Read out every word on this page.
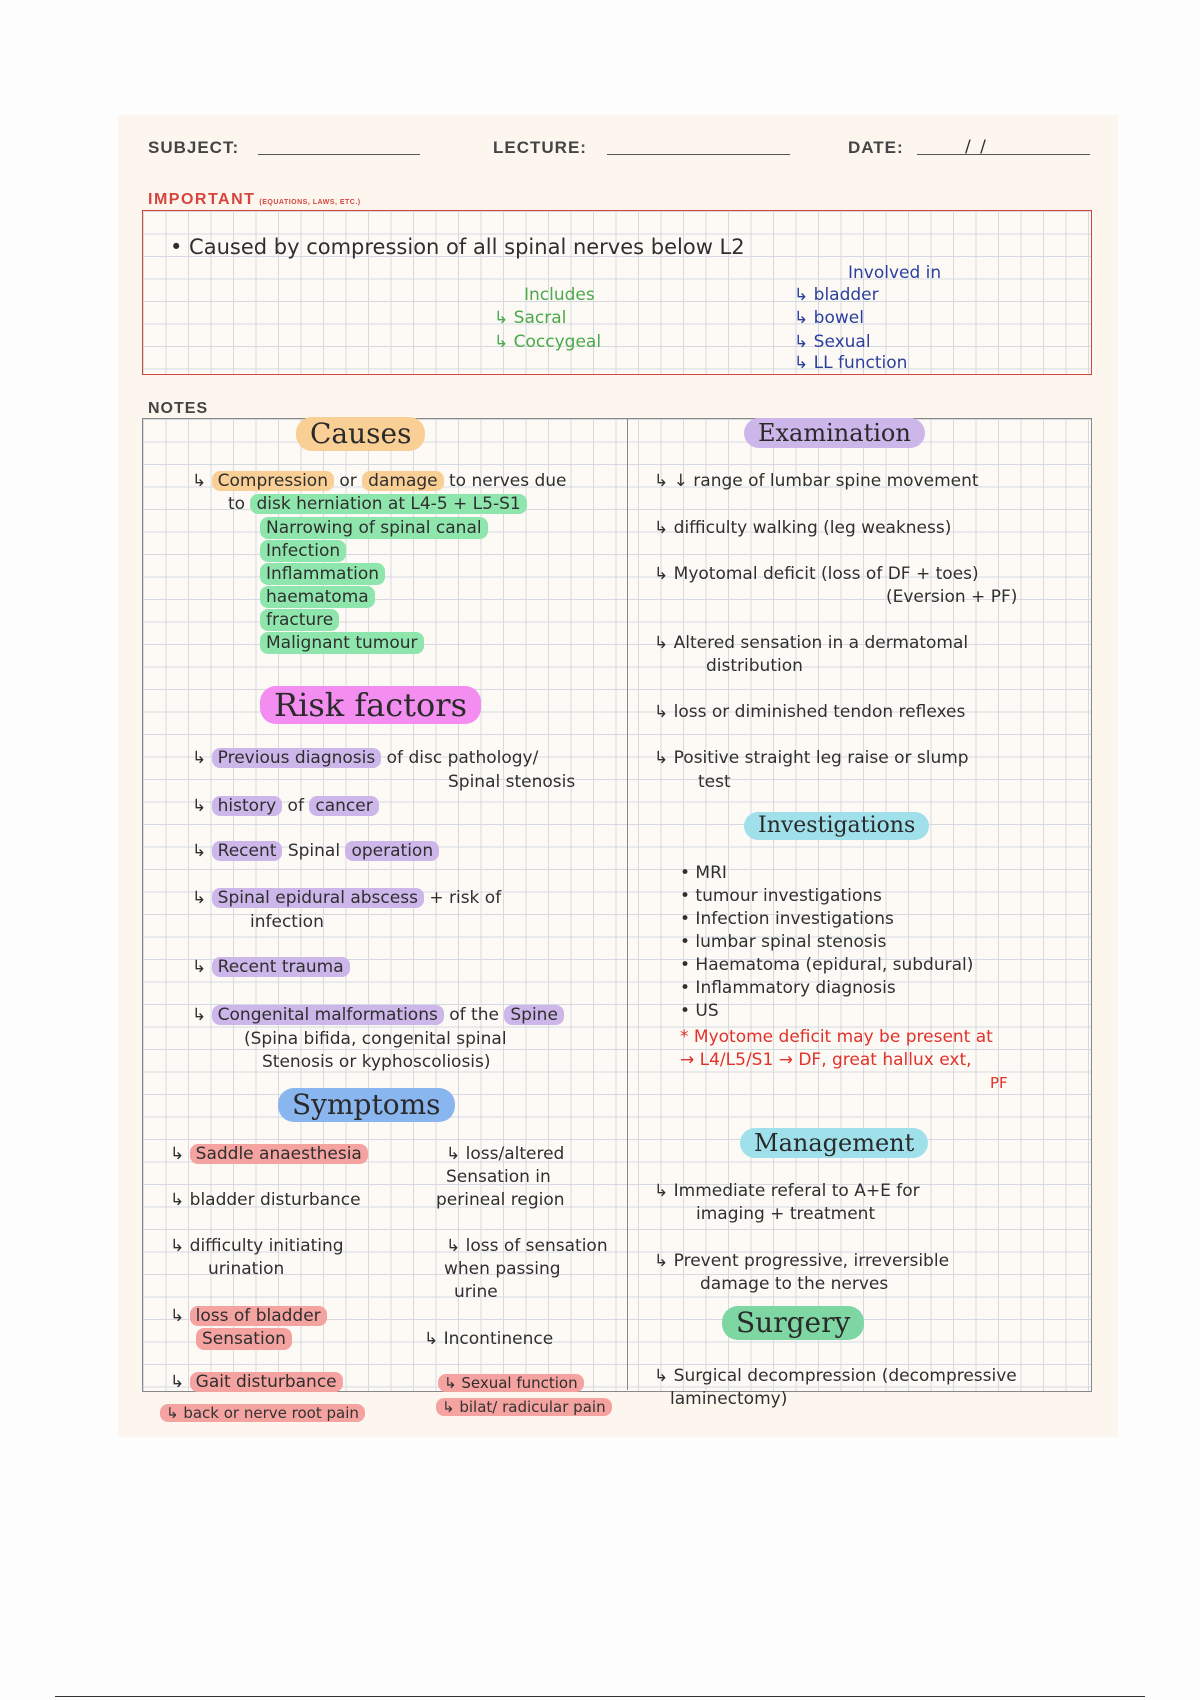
SUBJECT:	LECTURE:	DATE:	/ /
IMPORTANT (EQUATIONS, LAWS, ETC.)
• Caused by compression of all spinal nerves below L2
Includes
↳ Sacral
↳ Coccygeal
Involved in
↳ bladder
↳ bowel
↳ Sexual
↳ LL function
NOTES
Causes
↳ Compression or damage to nerves due
to disk herniation at L4-5 + L5-S1
Narrowing of spinal canal
Infection
Inflammation
haematoma
fracture
Malignant tumour
Risk factors
↳ Previous diagnosis of disc pathology/
Spinal stenosis
↳ history of cancer
↳ Recent Spinal operation
↳ Spinal epidural abscess + risk of
infection
↳ Recent trauma
↳ Congenital malformations of the Spine
(Spina bifida, congenital spinal
Stenosis or kyphoscoliosis)
Symptoms
↳ Saddle anaesthesia
↳ bladder disturbance
↳ difficulty initiating
urination
↳ loss of bladder
Sensation
↳ Gait disturbance
↳ loss/altered
Sensation in
perineal region
↳ loss of sensation
when passing
urine
↳ Incontinence
↳ Sexual function
↳ back or nerve root pain	↳ bilat/ radicular pain
Examination
↳ ↓ range of lumbar spine movement
↳ difficulty walking (leg weakness)
↳ Myotomal deficit (loss of DF + toes)
(Eversion + PF)
↳ Altered sensation in a dermatomal
distribution
↳ loss or diminished tendon reflexes
↳ Positive straight leg raise or slump
test
Investigations
• MRI
• tumour investigations
• Infection investigations
• lumbar spinal stenosis
• Haematoma (epidural, subdural)
• Inflammatory diagnosis
• US
* Myotome deficit may be present at
→ L4/L5/S1 → DF, great hallux ext,
PF
Management
↳ Immediate referal to A+E for
imaging + treatment
↳ Prevent progressive, irreversible
damage to the nerves
Surgery
↳ Surgical decompression (decompressive
laminectomy)
